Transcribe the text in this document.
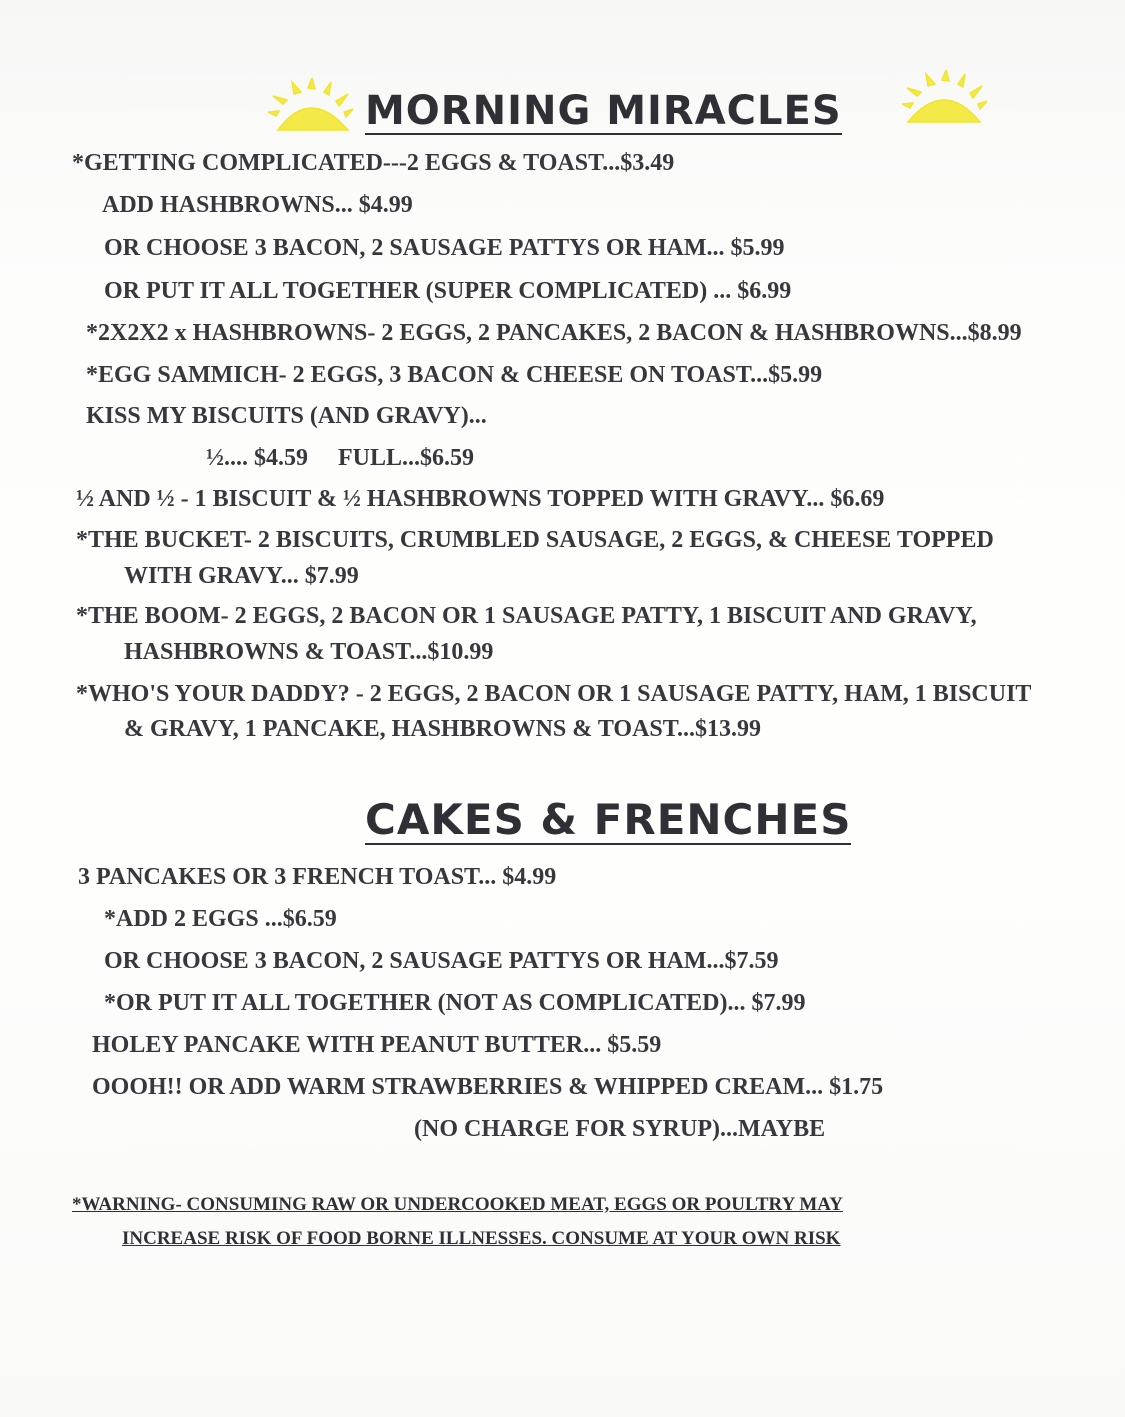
MORNING MIRACLES
*GETTING COMPLICATED---2 EGGS & TOAST...$3.49
ADD HASHBROWNS... $4.99
OR CHOOSE 3 BACON, 2 SAUSAGE PATTYS OR HAM... $5.99
OR PUT IT ALL TOGETHER (SUPER COMPLICATED) ... $6.99
*2X2X2 x HASHBROWNS- 2 EGGS, 2 PANCAKES, 2 BACON & HASHBROWNS...$8.99
*EGG SAMMICH- 2 EGGS, 3 BACON & CHEESE ON TOAST...$5.99
KISS MY BISCUITS (AND GRAVY)...
½.... $4.59     FULL...$6.59
½ AND ½ - 1 BISCUIT & ½ HASHBROWNS TOPPED WITH GRAVY... $6.69
*THE BUCKET- 2 BISCUITS, CRUMBLED SAUSAGE, 2 EGGS, & CHEESE TOPPED
WITH GRAVY... $7.99
*THE BOOM- 2 EGGS, 2 BACON OR 1 SAUSAGE PATTY, 1 BISCUIT AND GRAVY,
HASHBROWNS & TOAST...$10.99
*WHO'S YOUR DADDY? - 2 EGGS, 2 BACON OR 1 SAUSAGE PATTY, HAM, 1 BISCUIT
& GRAVY, 1 PANCAKE, HASHBROWNS & TOAST...$13.99
CAKES & FRENCHES
3 PANCAKES OR 3 FRENCH TOAST... $4.99
*ADD 2 EGGS ...$6.59
OR CHOOSE 3 BACON, 2 SAUSAGE PATTYS OR HAM...$7.59
*OR PUT IT ALL TOGETHER (NOT AS COMPLICATED)... $7.99
HOLEY PANCAKE WITH PEANUT BUTTER... $5.59
OOOH!! OR ADD WARM STRAWBERRIES & WHIPPED CREAM... $1.75
(NO CHARGE FOR SYRUP)...MAYBE
*WARNING- CONSUMING RAW OR UNDERCOOKED MEAT, EGGS OR POULTRY MAY
INCREASE RISK OF FOOD BORNE ILLNESSES. CONSUME AT YOUR OWN RISK
